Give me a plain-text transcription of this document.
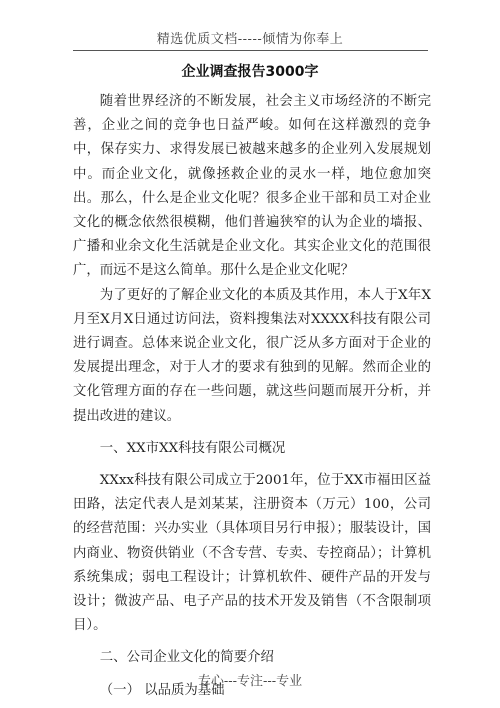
精选优质文档-----倾情为你奉上
企业调查报告3000字

随着世界经济的不断发展，社会主义市场经济的不断完善，企业之间的竞争也日益严峻。如何在这样激烈的竞争中，保存实力、求得发展已被越来越多的企业列入发展规划中。而企业文化，就像拯救企业的灵水一样，地位愈加突出。那么，什么是企业文化呢？很多企业干部和员工对企业文化的概念依然很模糊，他们普遍狭窄的认为企业的墙报、广播和业余文化生活就是企业文化。其实企业文化的范围很广，而远不是这么简单。那什么是企业文化呢？

为了更好的了解企业文化的本质及其作用，本人于X年X月至X月X日通过访问法，资料搜集法对XXXX科技有限公司进行调查。总体来说企业文化，很广泛从多方面对于企业的发展提出理念，对于人才的要求有独到的见解。然而企业的文化管理方面的存在一些问题，就这些问题而展开分析，并提出改进的建议。

一、XX市XX科技有限公司概况

XXxx科技有限公司成立于2001年，位于XX市福田区益田路，法定代表人是刘某某，注册资本（万元）100，公司的经营范围：兴办实业（具体项目另行申报）；服装设计，国内商业、物资供销业（不含专营、专卖、专控商品）；计算机系统集成；弱电工程设计；计算机软件、硬件产品的开发与设计；微波产品、电子产品的技术开发及销售（不含限制项目）。

二、公司企业文化的简要介绍

（一） 以品质为基础

专心---专注---专业
